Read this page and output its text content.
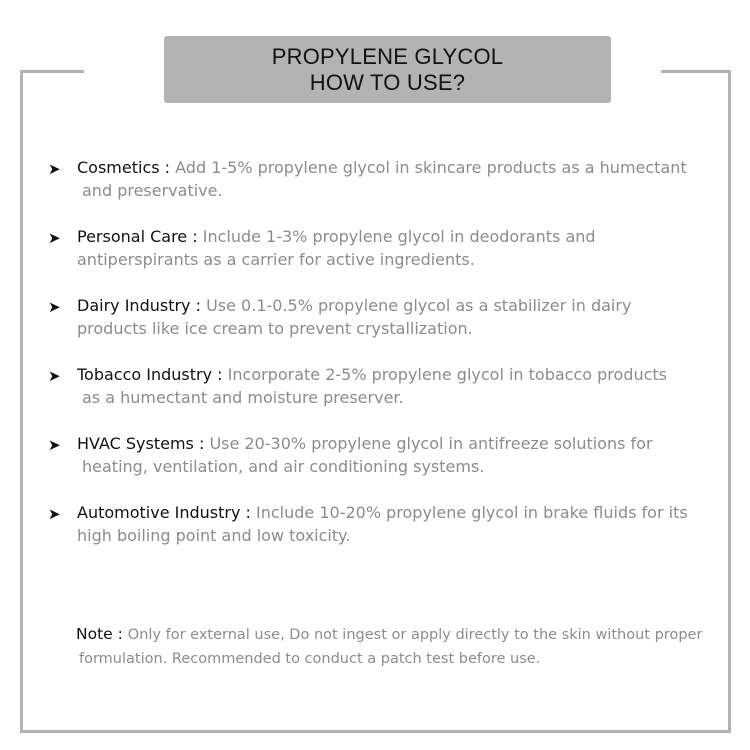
PROPYLENE GLYCOL
HOW TO USE?
➤ Cosmetics : Add 1-5% propylene glycol in skincare products as a humectant
and preservative.
➤ Personal Care : Include 1-3% propylene glycol in deodorants and
antiperspirants as a carrier for active ingredients.
➤ Dairy Industry : Use 0.1-0.5% propylene glycol as a stabilizer in dairy
products like ice cream to prevent crystallization.
➤ Tobacco Industry : Incorporate 2-5% propylene glycol in tobacco products
as a humectant and moisture preserver.
➤ HVAC Systems : Use 20-30% propylene glycol in antifreeze solutions for
heating, ventilation, and air conditioning systems.
➤ Automotive Industry : Include 10-20% propylene glycol in brake fluids for its
high boiling point and low toxicity.
Note : Only for external use, Do not ingest or apply directly to the skin without proper
formulation. Recommended to conduct a patch test before use.
